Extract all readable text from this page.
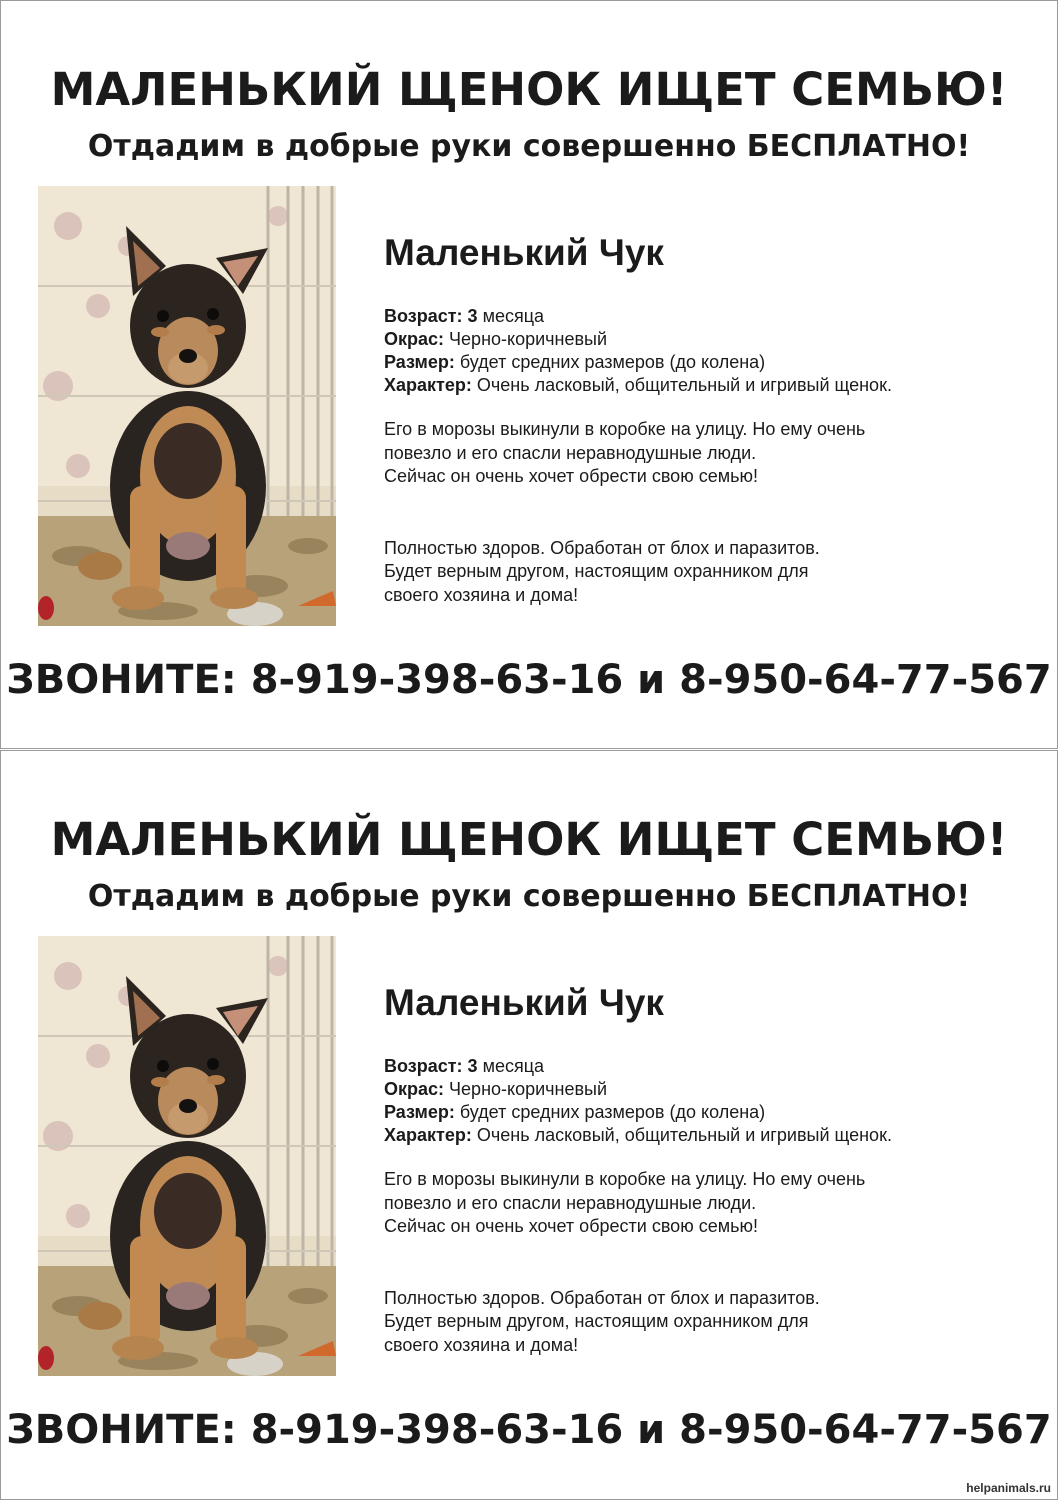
МАЛЕНЬКИЙ ЩЕНОК ИЩЕТ СЕМЬЮ!
Отдадим в добрые руки совершенно БЕСПЛАТНО!
Маленький Чук
Возраст: 3 месяца
Окрас: Черно-коричневый
Размер: будет средних размеров (до колена)
Характер: Очень ласковый, общительный и игривый щенок.
Его в морозы выкинули в коробке на улицу. Но ему очень
повезло и его спасли неравнодушные люди.
Сейчас он очень хочет обрести свою семью!
Полностью здоров. Обработан от блох и паразитов.
Будет верным другом, настоящим охранником для
своего хозяина и дома!
ЗВОНИТЕ: 8-919-398-63-16 и 8-950-64-77-567
МАЛЕНЬКИЙ ЩЕНОК ИЩЕТ СЕМЬЮ!
Отдадим в добрые руки совершенно БЕСПЛАТНО!
Маленький Чук
Возраст: 3 месяца
Окрас: Черно-коричневый
Размер: будет средних размеров (до колена)
Характер: Очень ласковый, общительный и игривый щенок.
Его в морозы выкинули в коробке на улицу. Но ему очень
повезло и его спасли неравнодушные люди.
Сейчас он очень хочет обрести свою семью!
Полностью здоров. Обработан от блох и паразитов.
Будет верным другом, настоящим охранником для
своего хозяина и дома!
ЗВОНИТЕ: 8-919-398-63-16 и 8-950-64-77-567
helpanimals.ru
